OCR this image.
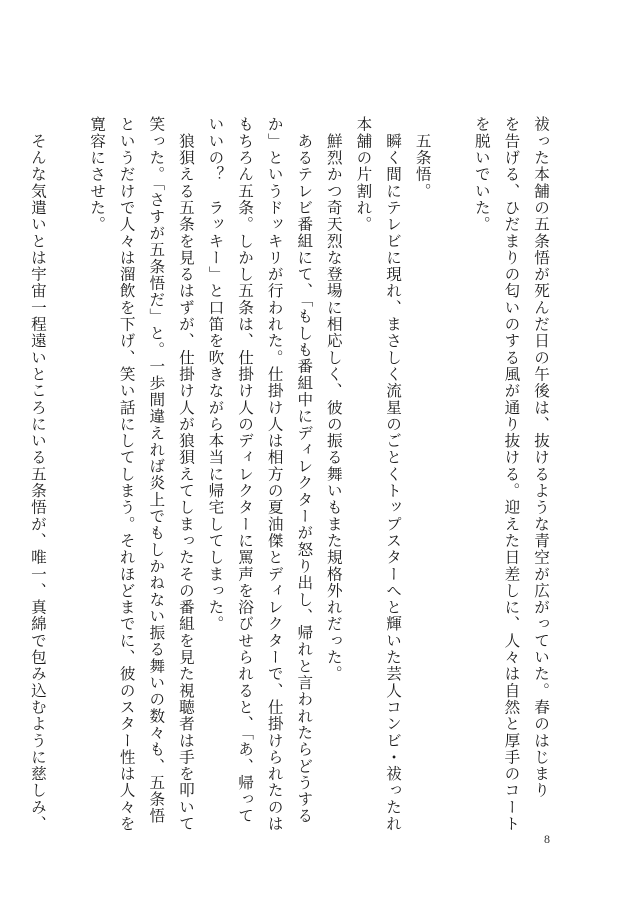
祓った本舗の五条悟が死んだ日の午後は、抜けるような青空が広がっていた。春のはじまり
を告げる、ひだまりの匂いのする風が通り抜ける。迎えた日差しに、人々は自然と厚手のコート
を脱いでいた。

　五条悟。
　瞬く間にテレビに現れ、まさしく流星のごとくトップスターへと輝いた芸人コンビ・祓ったれ
本舗の片割れ。
　鮮烈かつ奇天烈な登場に相応しく、彼の振る舞いもまた規格外れだった。
　あるテレビ番組にて、「もしも番組中にディレクターが怒り出し、帰れと言われたらどうする
か」というドッキリが行われた。仕掛け人は相方の夏油傑とディレクターで、仕掛けられたのは
もちろん五条。しかし五条は、仕掛け人のディレクターに罵声を浴びせられると、「あ、帰って
いいの？　ラッキー」と口笛を吹きながら本当に帰宅してしまった。
　狼狽える五条を見るはずが、仕掛け人が狼狽えてしまったその番組を見た視聴者は手を叩いて
笑った。「さすが五条悟だ」と。一歩間違えれば炎上でもしかねない振る舞いの数々も、五条悟
というだけで人々は溜飲を下げ、笑い話にしてしまう。それほどまでに、彼のスター性は人々を
寛容にさせた。

　そんな気遣いとは宇宙一程遠いところにいる五条悟が、唯一、真綿で包み込むように慈しみ、
8
